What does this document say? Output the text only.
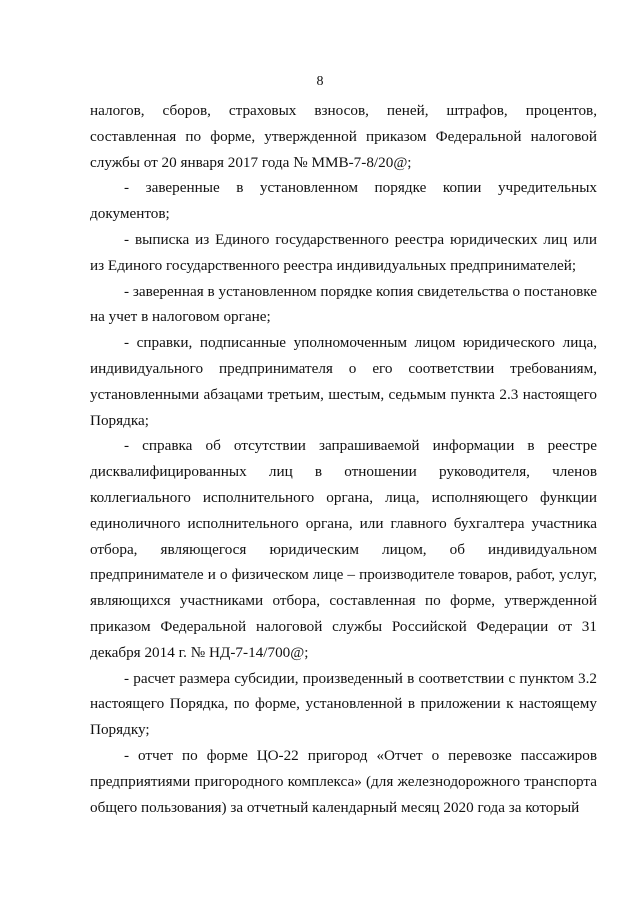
8

налогов, сборов, страховых взносов, пеней, штрафов, процентов, составленная по форме, утвержденной приказом Федеральной налоговой службы от 20 января 2017 года № ММВ-7-8/20@;

- заверенные в установленном порядке копии учредительных документов;

- выписка из Единого государственного реестра юридических лиц или из Единого государственного реестра индивидуальных предпринимателей;

- заверенная в установленном порядке копия свидетельства о постановке на учет в налоговом органе;

- справки, подписанные уполномоченным лицом юридического лица, индивидуального предпринимателя о его соответствии требованиям, установленными абзацами третьим, шестым, седьмым пункта 2.3 настоящего Порядка;

- справка об отсутствии запрашиваемой информации в реестре дисквалифицированных лиц в отношении руководителя, членов коллегиального исполнительного органа, лица, исполняющего функции единоличного исполнительного органа, или главного бухгалтера участника отбора, являющегося юридическим лицом, об индивидуальном предпринимателе и о физическом лице – производителе товаров, работ, услуг, являющихся участниками отбора, составленная по форме, утвержденной приказом Федеральной налоговой службы Российской Федерации от 31 декабря 2014 г. № НД-7-14/700@;

- расчет размера субсидии, произведенный в соответствии с пунктом 3.2 настоящего Порядка, по форме, установленной в приложении к настоящему Порядку;

- отчет по форме ЦО-22 пригород «Отчет о перевозке пассажиров предприятиями пригородного комплекса» (для железнодорожного транспорта общего пользования) за отчетный календарный месяц 2020 года за который
